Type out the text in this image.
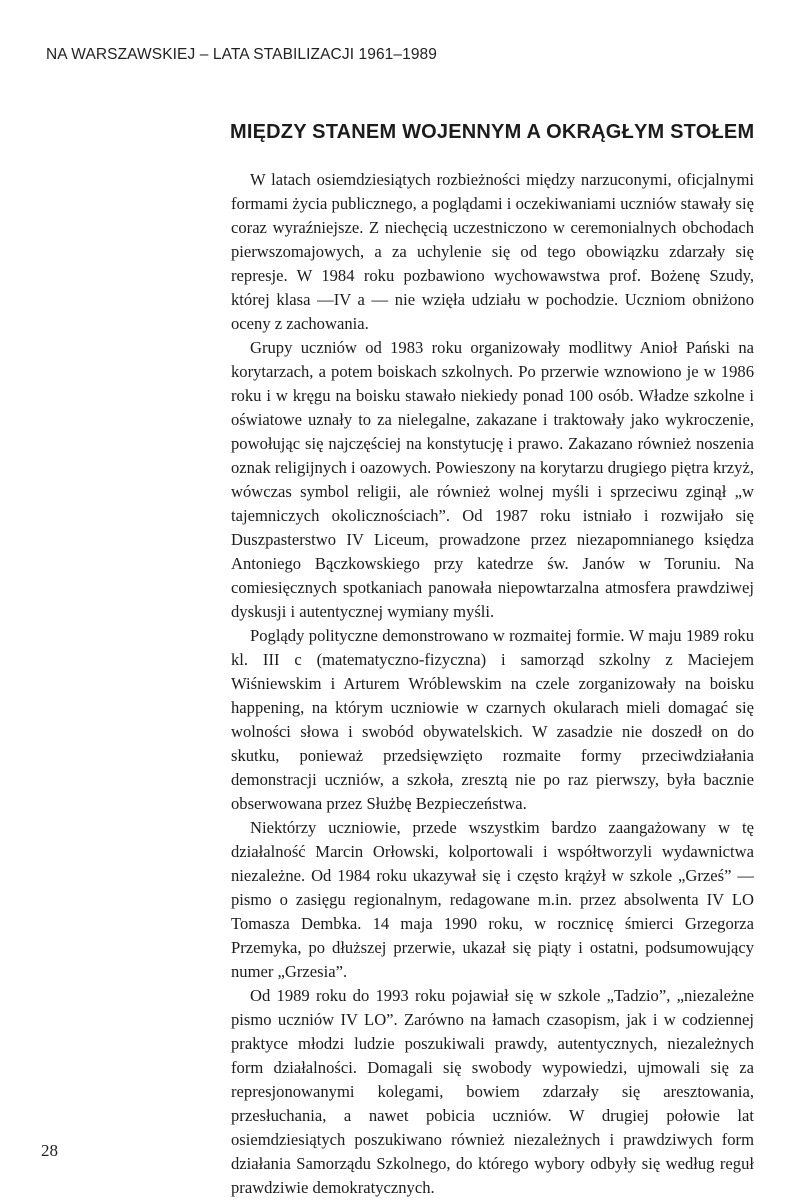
NA WARSZAWSKIEJ – LATA STABILIZACJI 1961–1989
MIĘDZY STANEM WOJENNYM A OKRĄGŁYM STOŁEM

W latach osiemdziesiątych rozbieżności między narzuconymi, oficjalnymi formami życia publicznego, a poglądami i oczekiwaniami uczniów stawały się coraz wyraźniejsze. Z niechęcią uczestniczono w ceremonialnych obchodach pierwszomajowych, a za uchylenie się od tego obowiązku zdarzały się represje. W 1984 roku pozbawiono wychowawstwa prof. Bożenę Szudy, której klasa —IV a — nie wzięła udziału w pochodzie. Uczniom obniżono oceny z zachowania.

Grupy uczniów od 1983 roku organizowały modlitwy Anioł Pański na korytarzach, a potem boiskach szkolnych. Po przerwie wznowiono je w 1986 roku i w kręgu na boisku stawało niekiedy ponad 100 osób. Władze szkolne i oświatowe uznały to za nielegalne, zakazane i traktowały jako wykroczenie, powołując się najczęściej na konstytucję i prawo. Zakazano również noszenia oznak religijnych i oazowych. Powieszony na korytarzu drugiego piętra krzyż, wówczas symbol religii, ale również wolnej myśli i sprzeciwu zginął „w tajemniczych okolicznościach”. Od 1987 roku istniało i rozwijało się Duszpasterstwo IV Liceum, prowadzone przez niezapomnianego księdza Antoniego Bączkowskiego przy katedrze św. Janów w Toruniu. Na comiesięcznych spotkaniach panowała niepowtarzalna atmosfera prawdziwej dyskusji i autentycznej wymiany myśli.

Poglądy polityczne demonstrowano w rozmaitej formie. W maju 1989 roku kl. III c (matematyczno-fizyczna) i samorząd szkolny z Maciejem Wiśniewskim i Arturem Wróblewskim na czele zorganizowały na boisku happening, na którym uczniowie w czarnych okularach mieli domagać się wolności słowa i swobód obywatelskich. W zasadzie nie doszedł on do skutku, ponieważ przedsięwzięto rozmaite formy przeciwdziałania demonstracji uczniów, a szkoła, zresztą nie po raz pierwszy, była bacznie obserwowana przez Służbę Bezpieczeństwa.

Niektórzy uczniowie, przede wszystkim bardzo zaangażowany w tę działalność Marcin Orłowski, kolportowali i współtworzyli wydawnictwa niezależne. Od 1984 roku ukazywał się i często krążył w szkole „Grześ” — pismo o zasięgu regionalnym, redagowane m.in. przez absolwenta IV LO Tomasza Dembka. 14 maja 1990 roku, w rocznicę śmierci Grzegorza Przemyka, po dłuższej przerwie, ukazał się piąty i ostatni, podsumowujący numer „Grzesia”.

Od 1989 roku do 1993 roku pojawiał się w szkole „Tadzio”, „niezależne pismo uczniów IV LO”. Zarówno na łamach czasopism, jak i w codziennej praktyce młodzi ludzie poszukiwali prawdy, autentycznych, niezależnych form działalności. Domagali się swobody wypowiedzi, ujmowali się za represjonowanymi kolegami, bowiem zdarzały się aresztowania, przesłuchania, a nawet pobicia uczniów. W drugiej połowie lat osiemdziesiątych poszukiwano również niezależnych i prawdziwych form działania Samorządu Szkolnego, do którego wybory odbyły się według reguł prawdziwie demokratycznych.

28
